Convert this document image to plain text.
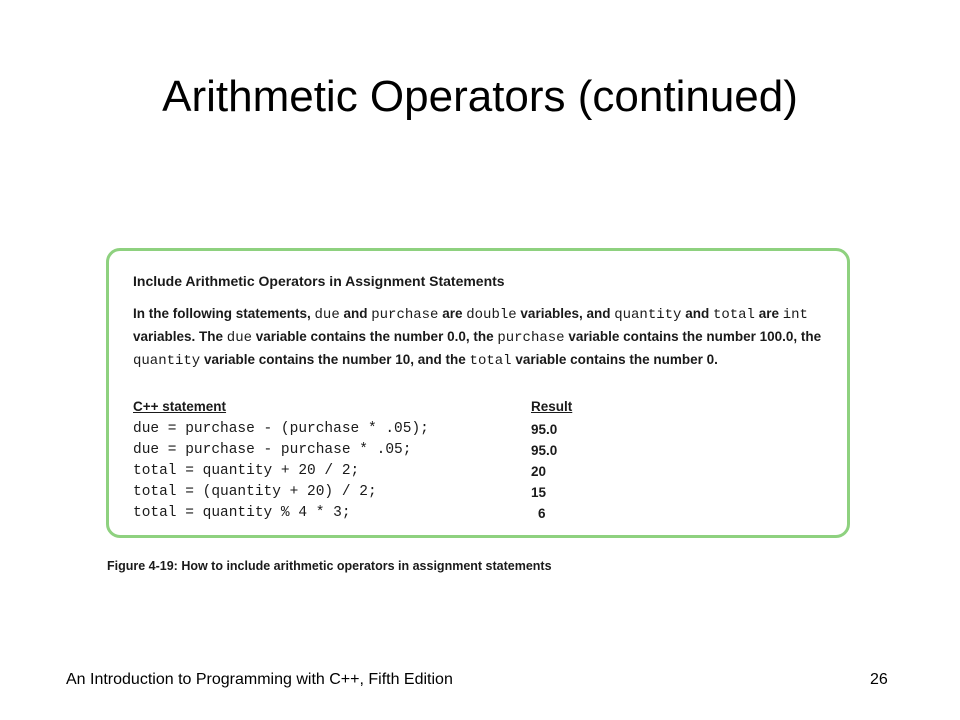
Arithmetic Operators (continued)
Include Arithmetic Operators in Assignment Statements
In the following statements, due and purchase are double variables, and quantity and total are int variables. The due variable contains the number 0.0, the purchase variable contains the number 100.0, the quantity variable contains the number 10, and the total variable contains the number 0.
C++ statement	Result
due = purchase - (purchase * .05);
due = purchase - purchase * .05;
total = quantity + 20 / 2;
total = (quantity + 20) / 2;
total = quantity % 4 * 3;
95.0
95.0
20
15
6
Figure 4-19: How to include arithmetic operators in assignment statements
An Introduction to Programming with C++, Fifth Edition	26
